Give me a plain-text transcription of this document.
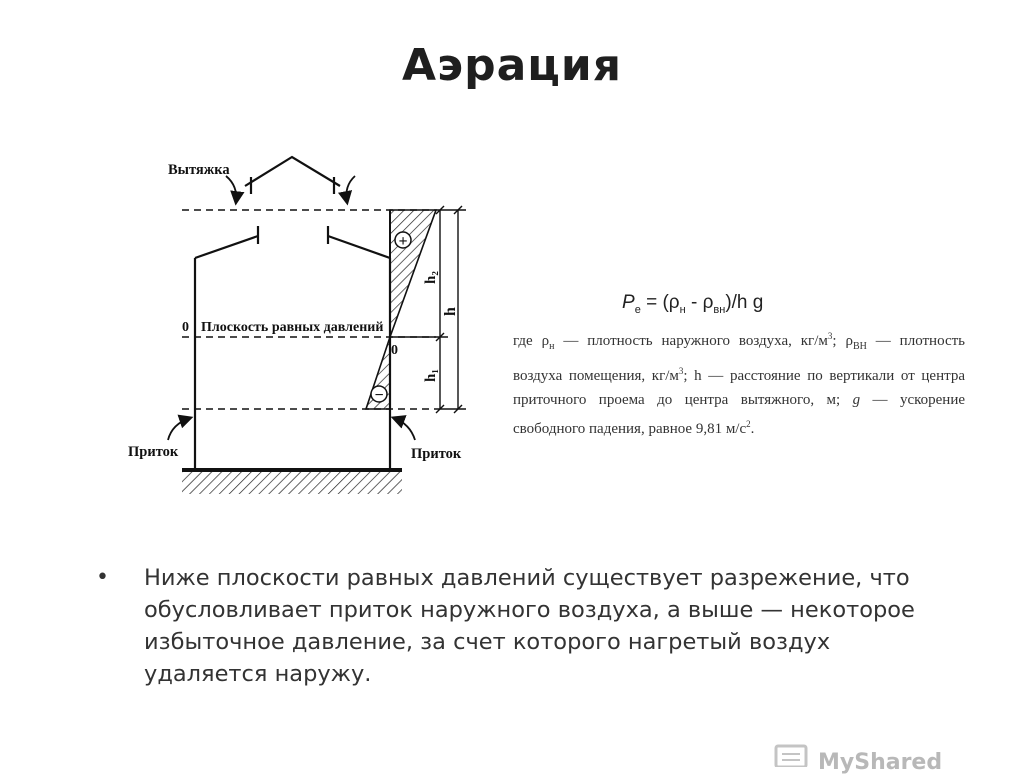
Аэрация
+
−
h₂
h
h₁
Вытяжка
0 Плоскость равных давлений
0
Приток	Приток
$P_e = (\rho_н - \rho_{вн})/h$ g
где $\rho_н$ — плотность наружного воздуха, $кг/м^3$; $\rho_{ВН}$ — плотность воздуха помещения, $кг/м^3$; h — расстояние по вертикали от центра приточного проема до центра вытяжного, м; g — ускорение свободного падения, равное 9,81 $м/с^2$.
•	Ниже плоскости равных давлений существует разрежение, что обусловливает приток наружного воздуха, а выше — некоторое избыточное давление, за счет которого нагретый воздух удаляется наружу.
MyShared
